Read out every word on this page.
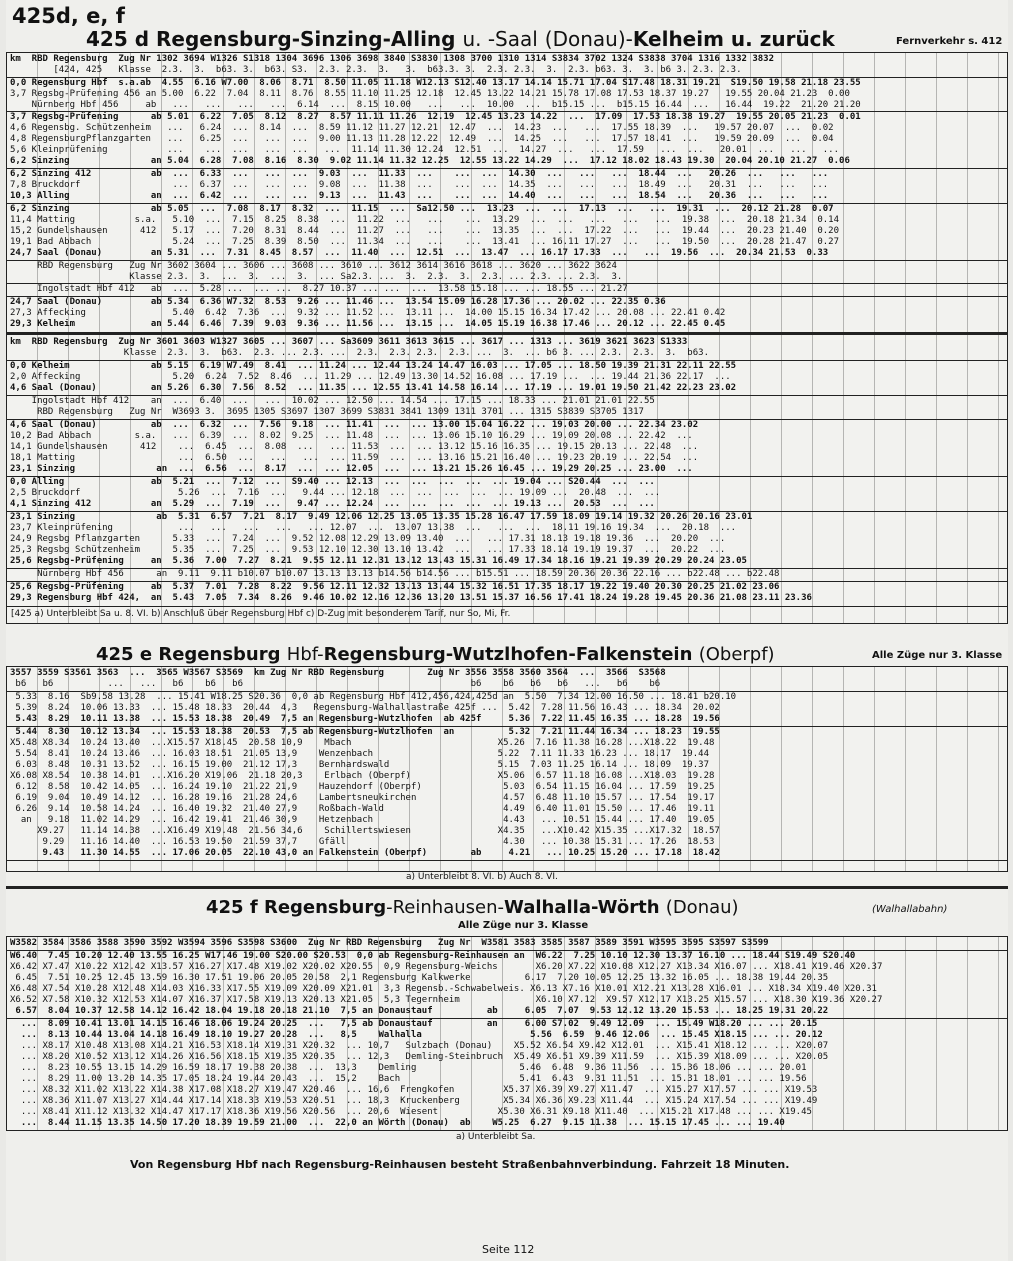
425d, e, f
425 d Regensburg-Sinzing-Alling u. -Saal (Donau)-Kelheim u. zurück	Fernverkehr s. 412
km  RBD Regensburg  Zug Nr 1302 3694 W1326 S1318 1304 3696 1306 3698 3840 S3830 1308 3700 1310 1314 S3834 3702 1324 S3838 3704 1316 1332 3832
[424, 425   Klasse  2.3.  3.  b63. 3.  b63. S3.  2.3. 2.3.  3.   3.  b63.3. 3.  2.3. 2.3.  3.  2.3. b63. 3.  3. b6 3. 2.3. 2.3.
0,0 Regensburg Hbf  s.a.ab  4.55  6.16 W7.00  8.06  8.71  8.50 11.05 11.18 W12.13 S12.40 13.17 14.14 15.71 17.04 S17.48 18.31 19.21  S19.50 19.58 21.18 23.55
3,7 Regsbg-Prüfening 456 an 5.00  6.22  7.04  8.11  8.76  8.55 11.10 11.25 12.18  12.45 13.22 14.21 15.78 17.08 17.53 18.37 19.27   19.55 20.04 21.23  0.00
Nürnberg Hbf 456     ab   ...   ...   ...   ...  6.14  ...  8.15 10.00   ...   ...  10.00  ...  b15.15 ...  b15.15 16.44  ...   16.44  19.22  21.20 21.20
3,7 Regsbg-Prüfening      ab 5.01  6.22  7.05  8.12  8.27  8.57 11.11 11.26  12.19  12.45 13.23 14.22  ...  17.09  17.53 18.38 19.27  19.55 20.05 21.23  0.01
4,6 Regensbg. Schützenheim   ...   6.24  ...  8.14  ...  8.59 11.12 11.27 12.21  12.47  ...  14.23  ...   ...  17.55 18.39  ...   19.57 20.07  ...  0.02
4,8 RegensburgPflanzgarten   ...   6.25  ...   ...  ...  9.00 11.13 11.28 12.22  12.49  ...  14.25  ...   ...  17.57 18.41  ...   19.59 20.09  ...  0.04
5,6 Kleinprüfening           ...    ...  ...   ...  ...   ...  11.14 11.30 12.24  12.51  ...  14.27  ...   ...  17.59   ...  ...   20.01  ...   ...   ...
6,2 Sinzing               an 5.04  6.28  7.08  8.16  8.30  9.02 11.14 11.32 12.25  12.55 13.22 14.29  ...  17.12 18.02 18.43 19.30  20.04 20.10 21.27  0.06
6,2 Sinzing 412           ab  ...  6.33  ...   ...  ...  9.03  ...  11.33  ...    ...  ...  14.30  ...   ...   ...  18.44  ...   20.26  ...   ...   ...
7,8 Bruckdorf                 ...  6.37  ...   ...  ...  9.08  ...  11.38  ...    ...  ...  14.35  ...   ...   ...  18.49  ...   20.31  ...   ...   ...
10,3 Alling               an  ...  6.42  ...   ...  ...  9.13  ...  11.43  ...    ...  ...  14.40  ...   ...   ...  18.54  ...   20.36  ...   ...   ...
6,2 Sinzing               ab 5.05  ...  7.08  8.17  8.32  ...  11.15  ...  Sa12.50 ...  13.23  ...  ...  17.13  ...   ...  19.31  ...  20.12 21.28  0.07
11,4 Matting           s.a.   5.10  ...  7.15  8.25  8.38  ...  11.22  ...   ...    ...  13.29  ...  ...   ...   ...   ...  19.38  ...  20.18 21.34  0.14
15,2 Gundelshausen      412   5.17  ...  7.20  8.31  8.44  ...  11.27  ...   ...    ...  13.35  ...  ...  17.22  ...   ...  19.44  ...  20.23 21.40  0.20
19,1 Bad Abbach               5.24  ...  7.25  8.39  8.50  ...  11.34  ...   ...    ...  13.41  ... 16.11 17.27  ...   ...  19.50  ...  20.28 21.47  0.27
24,7 Saal (Donau)         an 5.31  ...  7.31  8.45  8.57  ...  11.40  ...  12.51  ...  13.47  ... 16.17 17.33  ...   ...  19.56  ...  20.34 21.53  0.33
RBD Regensburg   Zug Nr 3602 3604 ... 3606 ... 3608 ... 3610 ... 3612 3614 3616 3618 ... 3620 ... 3622 3624
Klasse 2.3.  3.  ...  3.  ...  3.  ... Sa2.3. ...  3.  2.3.  3.  2.3. ... 2.3. ... 2.3.  3.
Ingolstadt Hbf 412   ab  ...  5.28 ...  ... ...  8.27 10.37 ... ...  ...  13.58 15.18 ... ... 18.55 ... 21.27
24,7 Saal (Donau)         ab 5.34  6.36 W7.32  8.53  9.26 ... 11.46 ...  13.54 15.09 16.28 17.36 ... 20.02 ... 22.35 0.36
27,3 Affecking                5.40  6.42  7.36  ...  9.32 ... 11.52 ...  13.11 ...  14.00 15.15 16.34 17.42 ... 20.08 ... 22.41 0.42
29,3 Kelheim              an 5.44  6.46  7.39  9.03  9.36 ... 11.56 ...  13.15 ...  14.05 15.19 16.38 17.46 ... 20.12 ... 22.45 0.45
km  RBD Regensburg  Zug Nr 3601 3603 W1327 3605 ... 3607 ... Sa3609 3611 3613 3615 ... 3617 ... 1313 ... 3619 3621 3623 S1333
Klasse  2.3.  3.  b63.  2.3. ... 2.3. ...  2.3.  2.3. 2.3.  2.3. ...  3.  ... b6 3. ... 2.3.  2.3.  3.  b63.
0,0 Kelheim               ab 5.15  6.19 W7.49  8.41  ... 11.24 ... 12.44 13.24 14.47 16.03 ... 17.05 ... 18.50 19.39 21.31 22.11 22.55
2,0 Affecking                 5.20  6.24  7.52  8.46  ... 11.29 ... 12.49 13.30 14.52 16.08 ... 17.19 ...  ... 19.44 21.36 22.17  ...
4,6 Saal (Donau)          an 5.26  6.30  7.56  8.52  ... 11.35 ... 12.55 13.41 14.58 16.14 ... 17.19 ... 19.01 19.50 21.42 22.23 23.02
Ingolstadt Hbf 412    an  ...  6.40  ...   ...  10.02 ... 12.50 ... 14.54 ... 17.15 ... 18.33 ... 21.01 21.01 22.55
RBD Regensburg   Zug Nr  W3693 3.  3695 1305 S3697 1307 3699 S3831 3841 1309 1311 3701 ... 1315 S3839 S3705 1317
4,6 Saal (Donau)          ab  ...  6.32  ...  7.56  9.18  ... 11.41  ...  ... 13.00 15.04 16.22 ... 19.03 20.00 ... 22.34 23.02
10,2 Bad Abbach        s.a.   ...  6.39  ...  8.02  9.25  ... 11.48  ...  ... 13.06 15.10 16.29 ... 19.09 20.08 ... 22.42  ...
14,1 Gundelshausen      412    ...  6.45  ...  8.08  ...   ... 11.53  ...  ... 13.12 15.16 16.35 ... 19.15 20.13 ... 22.48  ...
18,1 Matting                   ...  6.50  ...   ...   ...  ... 11.59  ...  ... 13.16 15.21 16.40 ... 19.23 20.19 ... 22.54  ...
23,1 Sinzing               an  ...  6.56  ...  8.17  ...  ... 12.05  ...  ... 13.21 15.26 16.45 ... 19.29 20.25 ... 23.00  ...
0,0 Alling                ab  5.21  ...  7.12  ...  S9.40 ... 12.13  ...  ...  ...  ...  ... 19.04 ... S20.44  ...  ...
2,5 Bruckdorf                  5.26  ...  7.16  ...   9.44 ... 12.18  ...  ...  ...  ...  ... 19.09 ...  20.48  ...  ...
4,1 Sinzing 412           an  5.29  ...  7.19  ...   9.47 ... 12.24  ...  ...  ...  ...  ... 19.13 ...  20.53  ...  ...
23,1 Sinzing               ab  5.31  6.57  7.21  8.17  9.49 12.06 12.25 13.05 13.35 15.28 16.47 17.59 18.09 19.14 19.32 20.26 20.16 23.01
23,7 Kleinprüfening            ...   ...   ...   ...   ... 12.07  ...  13.07 13.38  ...   ...  ...  18.11 19.16 19.34  ...  20.18  ...
24,9 Regsbg Pflanzgarten      5.33  ...  7.24  ...  9.52 12.08 12.29 13.09 13.40  ...   ... 17.31 18.13 19.18 19.36  ...  20.20  ...
25,3 Regsbg Schützenheim      5.35  ...  7.25  ...  9.53 12.10 12.30 13.10 13.42  ...   ... 17.33 18.14 19.19 19.37  ...  20.22  ...
25,6 Regsbg-Prüfening     an  5.36  7.00  7.27  8.21  9.55 12.11 12.31 13.12 13.43 15.31 16.49 17.34 18.16 19.21 19.39 20.29 20.24 23.05
Nürnberg Hbf 456      an  9.11  9.11 b10.07 b10.07 13.13 13.13 b14.56 b14.56 ... b15.51 ... 18.59 20.36 20.36 22.16 ... b22.48 ... b22.48
25,6 Regsbg-Prüfening     ab  5.37  7.01  7.28  8.22  9.56 12.11 12.32 13.13 13.44 15.32 16.51 17.35 18.17 19.22 19.40 20.30 20.25 21.02 23.06
29,3 Regensburg Hbf 424,  an  5.43  7.05  7.34  8.26  9.46 10.02 12.16 12.36 13.20 13.51 15.37 16.56 17.41 18.24 19.28 19.45 20.36 21.08 23.11 23.36
[425 a) Unterbleibt Sa u. 8. VI. b) Anschluß über Regensburg Hbf c) D-Zug mit besonderem Tarif, nur So, Mi, Fr.
425 e Regensburg Hbf-Regensburg-Wutzlhofen-Falkenstein (Oberpf)	Alle Züge nur 3. Klasse
3557 3559 S3561 3563  ...  3565 W3567 S3569  km Zug Nr RBD Regensburg        Zug Nr 3556 3558 3560 3564  ...  3566  S3568
b6   b6          ...   ...   b6    b6   b6                                          b6    b6   b6   b6   ...   b6    b6
5.33  8.16  Sb9.58 13.28  ... 15.41 W18.25 S20.36  0,0 ab Regensburg Hbf 412,456,424,425d an  5.50  7.34 12.00 16.50 ... 18.41 b20.10
5.39  8.24  10.06 13.33  ... 15.48 18.33  20.44  4,3   Regensburg-Walhallastraße 425f ...  5.42  7.28 11.56 16.43 ... 18.34  20.02
5.43  8.29  10.11 13.38  ... 15.53 18.38  20.49  7,5 an Regensburg-Wutzlhofen  ab 425f     5.36  7.22 11.45 16.35 ... 18.28  19.56
5.44  8.30  10.12 13.34  ... 15.53 18.38  20.53  7,5 ab Regensburg-Wutzlhofen  an          5.32  7.21 11.44 16.34 ... 18.23  19.55
X5.48 X8.34  10.24 13.40  ...X15.57 X18.45  20.58 10,9    Mbach                           X5.26  7.16 11.38 16.28 ...X18.22  19.48
5.54  8.41  10.24 13.46  ... 16.03 18.51  21.05 13,9    Wenzenbach                       5.22  7.11 11.33 16.23 ... 18.17  19.44
6.03  8.48  10.31 13.52  ... 16.15 19.00  21.12 17,3    Bernhardswald                    5.15  7.03 11.25 16.14 ... 18.09  19.37
X6.08 X8.54  10.38 14.01  ...X16.20 X19.06  21.18 20,3    Erlbach (Oberpf)                X5.06  6.57 11.18 16.08 ...X18.03  19.28
6.12  8.58  10.42 14.05  ... 16.24 19.10  21.22 21,9    Hauzendorf (Oberpf)               5.03  6.54 11.15 16.04 ... 17.59  19.25
6.19  9.04  10.49 14.12  ... 16.28 19.16  21.28 24,6    Lambertsneukirchen                4.57  6.48 11.10 15.57 ... 17.54  19.17
6.26  9.14  10.58 14.24  ... 16.40 19.32  21.40 27,9    Roßbach-Wald                      4.49  6.40 11.01 15.50 ... 17.46  19.11
an   9.18  11.02 14.29  ... 16.42 19.41  21.46 30,9    Hetzenbach                        4.43   ... 10.51 15.44 ... 17.40  19.05
X9.27   11.14 14.38  ...X16.49 X19.48  21.56 34,6    Schillertswiesen                X4.35   ...X10.42 X15.35 ...X17.32  18.57
9.29   11.16 14.40  ... 16.53 19.50  21.59 37,7    Gfäll                             4.30   ... 10.38 15.31 ... 17.26  18.53
9.43   11.30 14.55  ... 17.06 20.05  22.10 43,0 an Falkenstein (Oberpf)        ab     4.21   ... 10.25 15.20 ... 17.18  18.42
a) Unterbleibt 8. VI. b) Auch 8. VI.
425 f Regensburg-Reinhausen-Walhalla-Wörth (Donau)	(Walhallabahn)
Alle Züge nur 3. Klasse
W3582 3584 3586 3588 3590 3592 W3594 3596 S3598 S3600  Zug Nr RBD Regensburg   Zug Nr  W3581 3583 3585 3587 3589 3591 W3595 3595 S3597 S3599
W6.40  7.45 10.20 12.40 13.55 16.25 W17.46 19.00 S20.00 S20.53  0,0 ab Regensburg-Reinhausen an  W6.22  7.25 10.10 12.30 13.37 16.10 ... 18.44 S19.49 S20.40
X6.42 X7.47 X10.22 X12.42 X13.57 X16.27 X17.48 X19.02 X20.02 X20.55  0,9 Regensburg-Weichs       X6.20 X7.22 X10.08 X12.27 X13.34 X16.07 ... X18.41 X19.46 X20.37
6.45  7.51 10.25 12.45 13.59 16.30 17.51 19.06 20.05 20.58  2,1 Regensburg Kalkwerke          6.17  7.20 10.05 12.25 13.32 16.05 ... 18.38 19.44 20.35
X6.48 X7.54 X10.28 X12.48 X14.03 X16.33 X17.55 X19.09 X20.09 X21.01  3,3 Regensb.-Schwabelweis. X6.13 X7.16 X10.01 X12.21 X13.28 X16.01 ... X18.34 X19.40 X20.31
X6.52 X7.58 X10.32 X12.53 X14.07 X16.37 X17.58 X19.13 X20.13 X21.05  5,3 Tegernheim              X6.10 X7.12  X9.57 X12.17 X13.25 X15.57 ... X18.30 X19.36 X20.27
6.57  8.04 10.37 12.58 14.12 16.42 18.04 19.18 20.18 21.10  7,5 an Donaustauf          ab     6.05  7.07  9.53 12.12 13.20 15.53 ... 18.25 19.31 20.22
...  8.09 10.41 13.01 14.15 16.46 18.06 19.24 20.25  ...   7,5 ab Donaustauf          an     6.00 S7.02  9.49 12.09  ... 15.49 W18.20 ... ... 20.15
...  8.13 10.44 13.04 14.18 16.49 18.10 19.27 20.28  ...   8,5    Walhalla                    5.56  6.59  9.46 12.06  ... 15.45 X18.15 ... ... 20.12
... X8.17 X10.48 X13.08 X14.21 X16.53 X18.14 X19.31 X20.32  ... 10,7   Sulzbach (Donau)    X5.52 X6.54 X9.42 X12.01  ... X15.41 X18.12 ... ... X20.07
... X8.20 X10.52 X13.12 X14.26 X16.56 X18.15 X19.35 X20.35  ... 12,3   Demling-Steinbruch  X5.49 X6.51 X9.39 X11.59  ... X15.39 X18.09 ... ... X20.05
...  8.23 10.55 13.15 14.29 16.59 18.17 19.38 20.38  ...  13,3    Demling                   5.46  6.48  9.36 11.56  ... 15.36 18.06 ... ... 20.01
...  8.29 11.00 13.20 14.35 17.05 18.24 19.44 20.43  ...  15,2    Bach                      5.41  6.43  9.31 11.51  ... 15.31 18.01 ... ... 19.56
... X8.32 X11.02 X13.22 X14.38 X17.08 X18.27 X19.47 X20.46  ... 16,6  Frengkofen         X5.37 X6.39 X9.27 X11.47  ... X15.27 X17.57 ... ... X19.53
... X8.36 X11.07 X13.27 X14.44 X17.14 X18.33 X19.53 X20.51  ... 18,3  Kruckenberg        X5.34 X6.36 X9.23 X11.44  ... X15.24 X17.54 ... ... X19.49
... X8.41 X11.12 X13.32 X14.47 X17.17 X18.36 X19.56 X20.56  ... 20,6  Wiesent           X5.30 X6.31 X9.18 X11.40  ... X15.21 X17.48 ... ... X19.45
...  8.44 11.15 13.35 14.50 17.20 18.39 19.59 21.00  ...  22,0 an Wörth (Donau)  ab    W5.25  6.27  9.15 11.38  ... 15.15 17.45 ... ... 19.40
a) Unterbleibt Sa.
Von Regensburg Hbf nach Regensburg-Reinhausen besteht Straßenbahnverbindung. Fahrzeit 18 Minuten.
Seite 112
